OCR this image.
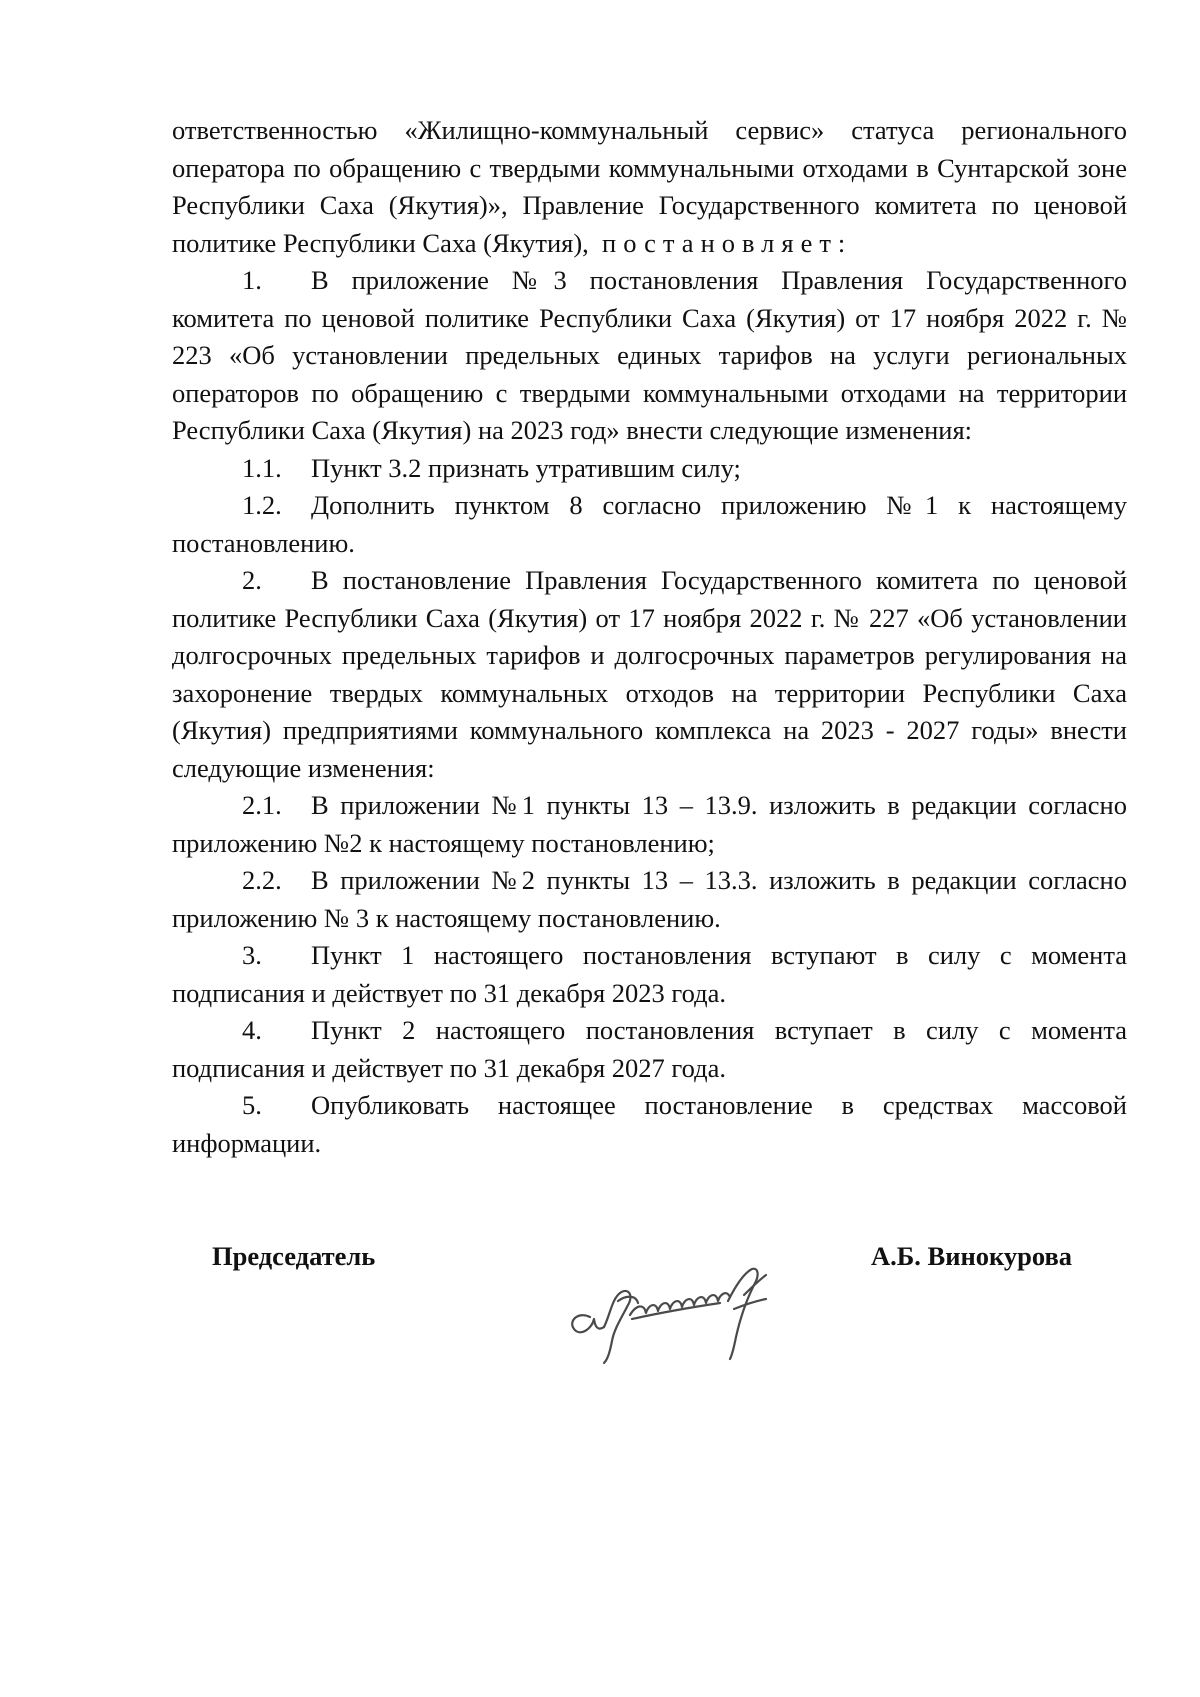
ответственностью «Жилищно-коммунальный сервис» статуса регионального оператора по обращению с твердыми коммунальными отходами в Сунтарской зоне Республики Саха (Якутия)», Правление Государственного комитета по ценовой политике Республики Саха (Якутия), постановляет:

1. В приложение №3 постановления Правления Государственного комитета по ценовой политике Республики Саха (Якутия) от 17 ноября 2022 г. № 223 «Об установлении предельных единых тарифов на услуги региональных операторов по обращению с твердыми коммунальными отходами на территории Республики Саха (Якутия) на 2023 год» внести следующие изменения:

1.1. Пункт 3.2 признать утратившим силу;

1.2. Дополнить пунктом 8 согласно приложению №1 к настоящему постановлению.

2. В постановление Правления Государственного комитета по ценовой политике Республики Саха (Якутия) от 17 ноября 2022 г. № 227 «Об установлении долгосрочных предельных тарифов и долгосрочных параметров регулирования на захоронение твердых коммунальных отходов на территории Республики Саха (Якутия) предприятиями коммунального комплекса на 2023 - 2027 годы» внести следующие изменения:

2.1. В приложении №1 пункты 13 – 13.9. изложить в редакции согласно приложению №2 к настоящему постановлению;

2.2. В приложении №2 пункты 13 – 13.3. изложить в редакции согласно приложению № 3 к настоящему постановлению.

3. Пункт 1 настоящего постановления вступают в силу с момента подписания и действует по 31 декабря 2023 года.

4. Пункт 2 настоящего постановления вступает в силу с момента подписания и действует по 31 декабря 2027 года.

5. Опубликовать настоящее постановление в средствах массовой информации.

Председатель	А.Б. Винокурова
